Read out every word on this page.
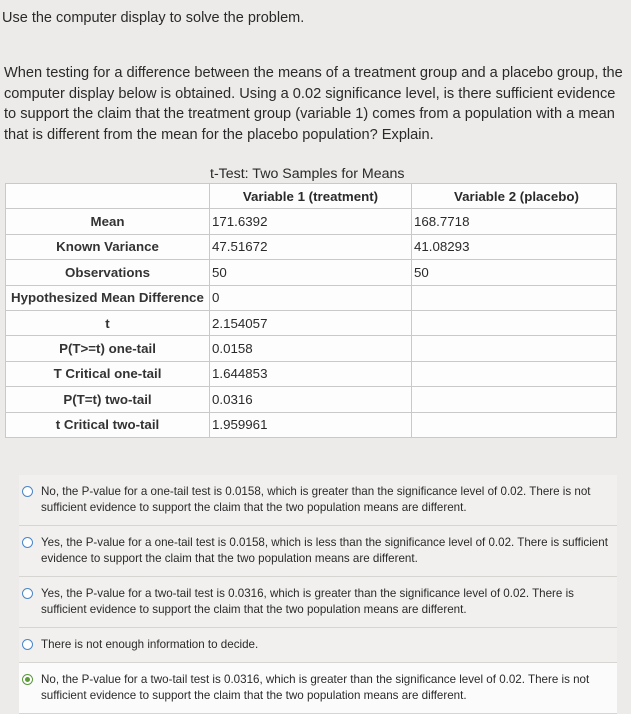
Use the computer display to solve the problem.
When testing for a difference between the means of a treatment group and a placebo group, the computer display below is obtained. Using a 0.02 significance level, is there sufficient evidence to support the claim that the treatment group (variable 1) comes from a population with a mean that is different from the mean for the placebo population? Explain.
t-Test: Two Samples for Means
	Variable 1 (treatment)	Variable 2 (placebo)
Mean	171.6392	168.7718
Known Variance	47.51672	41.08293
Observations	50	50
Hypothesized Mean Difference	0	
t	2.154057	
P(T>=t) one-tail	0.0158	
T Critical one-tail	1.644853	
P(T=t) two-tail	0.0316	
t Critical two-tail	1.959961	
No, the P-value for a one-tail test is 0.0158, which is greater than the significance level of 0.02. There is not sufficient evidence to support the claim that the two population means are different.
Yes, the P-value for a one-tail test is 0.0158, which is less than the significance level of 0.02. There is sufficient evidence to support the claim that the two population means are different.
Yes, the P-value for a two-tail test is 0.0316, which is greater than the significance level of 0.02. There is sufficient evidence to support the claim that the two population means are different.
There is not enough information to decide.
No, the P-value for a two-tail test is 0.0316, which is greater than the significance level of 0.02. There is not sufficient evidence to support the claim that the two population means are different.
